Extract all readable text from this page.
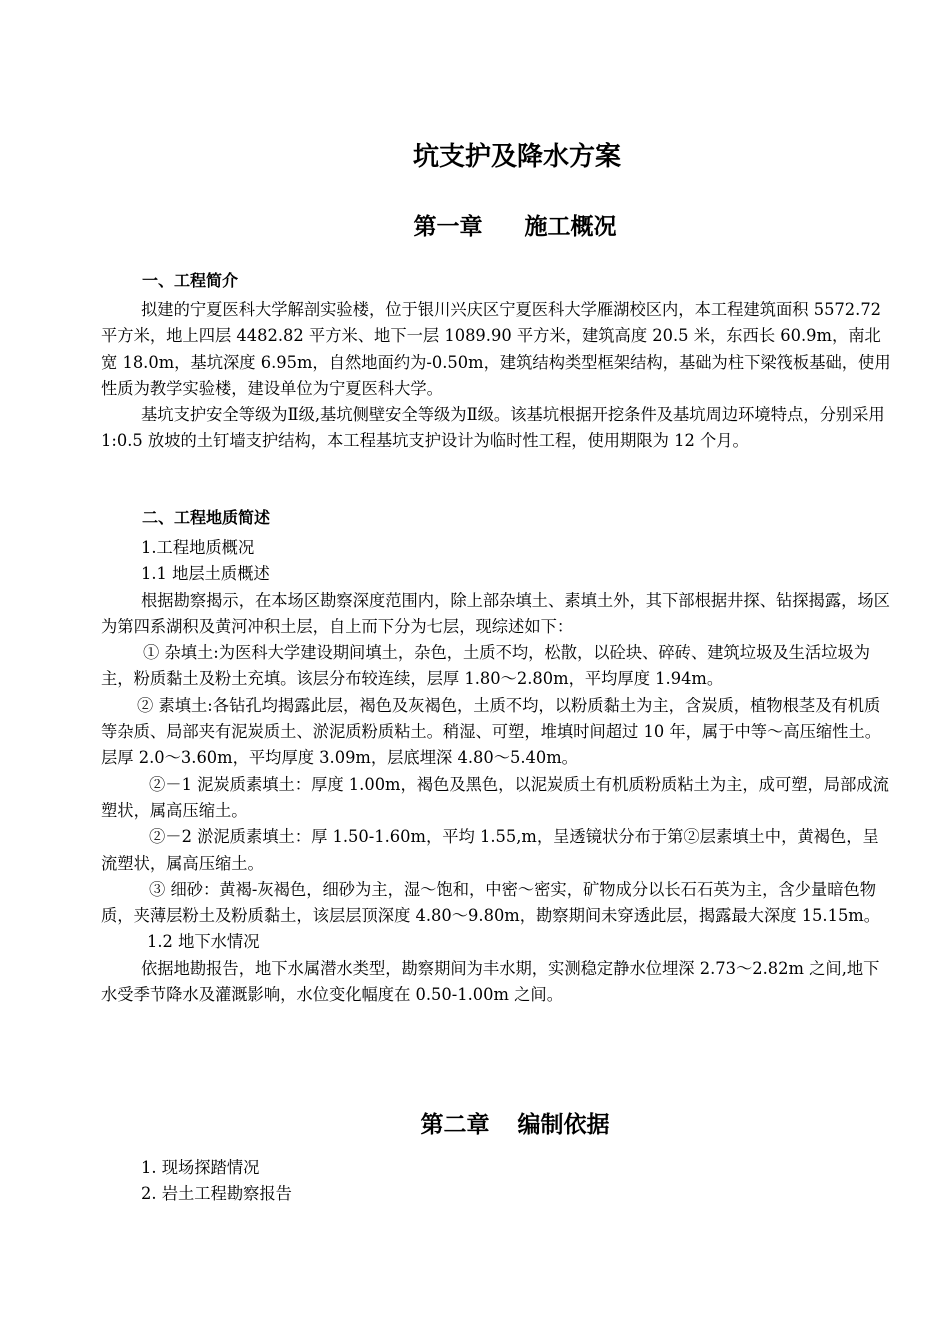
坑支护及降水方案
第一章 施工概况
一、工程简介

拟建的宁夏医科大学解剖实验楼，位于银川兴庆区宁夏医科大学雁湖校区内，本工程建筑面积 5572.72 平方米，地上四层 4482.82 平方米、地下一层 1089.90 平方米，建筑高度 20.5 米，东西长 60.9m，南北宽 18.0m，基坑深度 6.95m，自然地面约为-0.50m，建筑结构类型框架结构，基础为柱下梁筏板基础，使用性质为教学实验楼，建设单位为宁夏医科大学。

基坑支护安全等级为Ⅱ级,基坑侧壁安全等级为Ⅱ级。该基坑根据开挖条件及基坑周边环境特点，分别采用 1:0.5 放坡的土钉墙支护结构，本工程基坑支护设计为临时性工程，使用期限为 12 个月。

二、工程地质简述

1.工程地质概况

1.1 地层土质概述

根据勘察揭示，在本场区勘察深度范围内，除上部杂填土、素填土外，其下部根据井探、钻探揭露，场区为第四系湖积及黄河冲积土层，自上而下分为七层，现综述如下：

① 杂填土:为医科大学建设期间填土，杂色，土质不均，松散，以砼块、碎砖、建筑垃圾及生活垃圾为主，粉质黏土及粉土充填。该层分布较连续，层厚 1.80～2.80m，平均厚度 1.94m。

② 素填土:各钻孔均揭露此层，褐色及灰褐色，土质不均，以粉质黏土为主，含炭质，植物根茎及有机质等杂质、局部夹有泥炭质土、淤泥质粉质粘土。稍湿、可塑，堆填时间超过 10 年，属于中等～高压缩性土。层厚 2.0～3.60m，平均厚度 3.09m，层底埋深 4.80～5.40m。

②－1 泥炭质素填土：厚度 1.00m，褐色及黑色，以泥炭质土有机质粉质粘土为主，成可塑，局部成流塑状，属高压缩土。

②－2 淤泥质素填土：厚 1.50-1.60m，平均 1.55,m，呈透镜状分布于第②层素填土中，黄褐色，呈流塑状，属高压缩土。

③ 细砂：黄褐-灰褐色，细砂为主，湿～饱和，中密～密实，矿物成分以长石石英为主，含少量暗色物质，夹薄层粉土及粉质黏土，该层层顶深度 4.80～9.80m，勘察期间未穿透此层，揭露最大深度 15.15m。

1.2 地下水情况

依据地勘报告，地下水属潜水类型，勘察期间为丰水期，实测稳定静水位埋深 2.73～2.82m 之间,地下水受季节降水及灌溉影响，水位变化幅度在 0.50-1.00m 之间。

第二章 编制依据

1. 现场探踏情况

2. 岩土工程勘察报告
